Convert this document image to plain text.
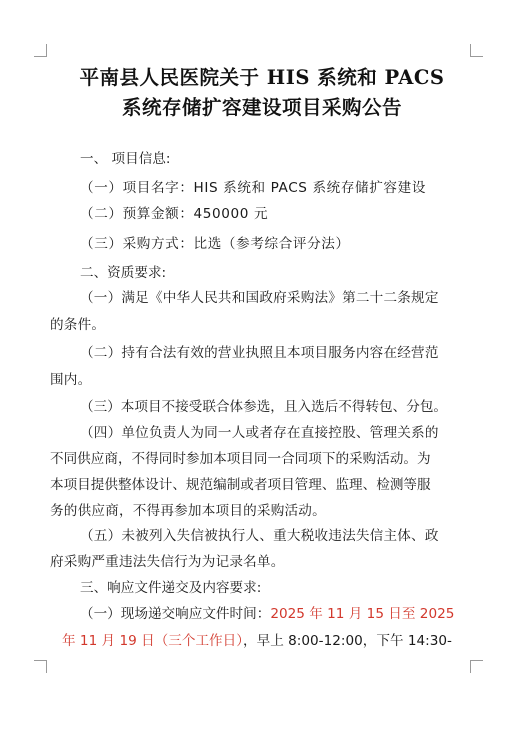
平南县人民医院关于 HIS 系统和 PACS
系统存储扩容建设项目采购公告
一、 项目信息:
（一）项目名字：HIS 系统和 PACS 系统存储扩容建设
（二）预算金额：450000 元
（三）采购方式：比选（参考综合评分法）
二、资质要求:
（一）满足《中华人民共和国政府采购法》第二十二条规定
的条件。
（二）持有合法有效的营业执照且本项目服务内容在经营范
围内。
（三）本项目不接受联合体参选，且入选后不得转包、分包。
（四）单位负责人为同一人或者存在直接控股、管理关系的
不同供应商，不得同时参加本项目同一合同项下的采购活动。为
本项目提供整体设计、规范编制或者项目管理、监理、检测等服
务的供应商，不得再参加本项目的采购活动。
（五）未被列入失信被执行人、重大税收违法失信主体、政
府采购严重违法失信行为为记录名单。
三、响应文件递交及内容要求:
（一）现场递交响应文件时间：2025 年 11 月 15 日至 2025
年 11 月 19 日（三个工作日），早上 8:00-12:00，下午 14:30-
